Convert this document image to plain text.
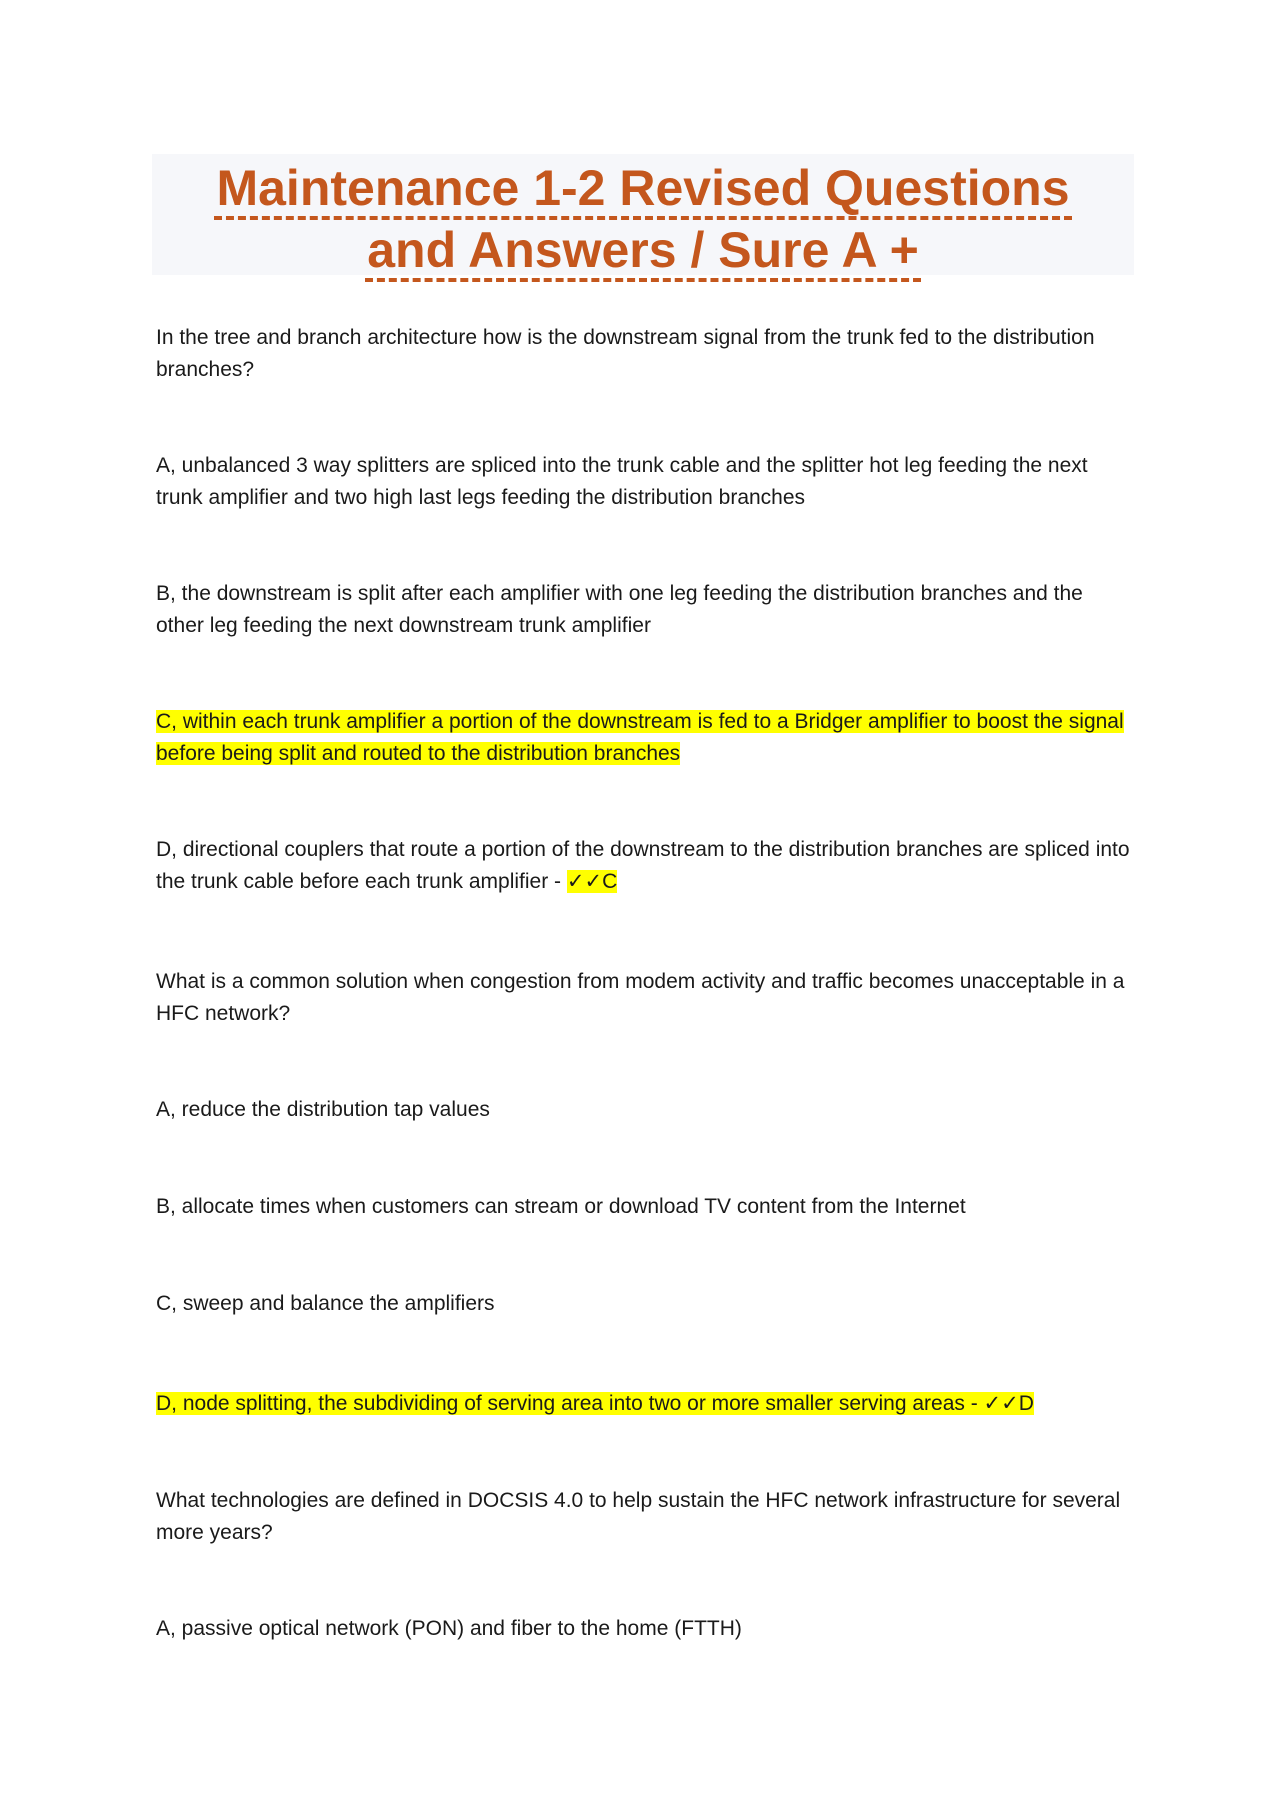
Maintenance 1-2 Revised Questions
and Answers / Sure A +

In the tree and branch architecture how is the downstream signal from the trunk fed to the distribution branches?

A, unbalanced 3 way splitters are spliced into the trunk cable and the splitter hot leg feeding the next trunk amplifier and two high last legs feeding the distribution branches

B, the downstream is split after each amplifier with one leg feeding the distribution branches and the other leg feeding the next downstream trunk amplifier

C, within each trunk amplifier a portion of the downstream is fed to a Bridger amplifier to boost the signal before being split and routed to the distribution branches

D, directional couplers that route a portion of the downstream to the distribution branches are spliced into the trunk cable before each trunk amplifier - ✓✓C

What is a common solution when congestion from modem activity and traffic becomes unacceptable in a HFC network?

A, reduce the distribution tap values

B, allocate times when customers can stream or download TV content from the Internet

C, sweep and balance the amplifiers

D, node splitting, the subdividing of serving area into two or more smaller serving areas - ✓✓D

What technologies are defined in DOCSIS 4.0 to help sustain the HFC network infrastructure for several more years?

A, passive optical network (PON) and fiber to the home (FTTH)
